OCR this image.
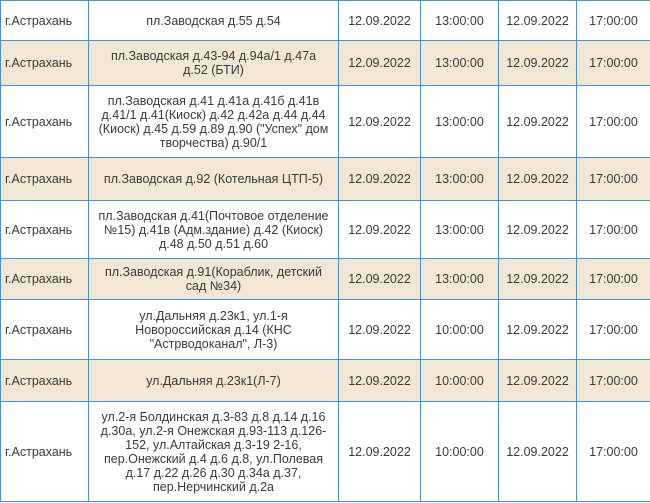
г.Астрахань	пл.Заводская д.55 д.54	12.09.2022	13:00:00	12.09.2022	17:00:00
г.Астрахань	пл.Заводская д.43-94 д.94а/1 д.47а д.52 (БТИ)	12.09.2022	13:00:00	12.09.2022	17:00:00
г.Астрахань	пл.Заводская д.41 д.41а д.41б д.41в д.41/1 д.41(Киоск) д.42 д.42а д.44 д.44 (Киоск) д.45 д.59 д.89 д.90 ("Успех" дом творчества) д.90/1	12.09.2022	13:00:00	12.09.2022	17:00:00
г.Астрахань	пл.Заводская д.92 (Котельная ЦТП-5)	12.09.2022	13:00:00	12.09.2022	17:00:00
г.Астрахань	пл.Заводская д.41(Почтовое отделение №15) д.41в (Адм.здание) д.42 (Киоск) д.48 д.50 д.51 д.60	12.09.2022	13:00:00	12.09.2022	17:00:00
г.Астрахань	пл.Заводская д.91(Кораблик, детский сад №34)	12.09.2022	13:00:00	12.09.2022	17:00:00
г.Астрахань	ул.Дальняя д.23к1, ул.1-я Новороссийская д.14 (КНС "Астрводоканал", Л-3)	12.09.2022	10:00:00	12.09.2022	17:00:00
г.Астрахань	ул.Дальняя д.23к1(Л-7)	12.09.2022	10:00:00	12.09.2022	17:00:00
г.Астрахань	ул.2-я Болдинская д.3-83 д.8 д.14 д.16 д.30а, ул.2-я Онежская д.93-113 д.126-152, ул.Алтайская д.3-19 2-16, пер.Онежский д.4 д.6 д.8, ул.Полевая д.17 д.22 д.26 д.30 д.34а д.37, пер.Нерчинский д.2а	12.09.2022	10:00:00	12.09.2022	17:00:00
